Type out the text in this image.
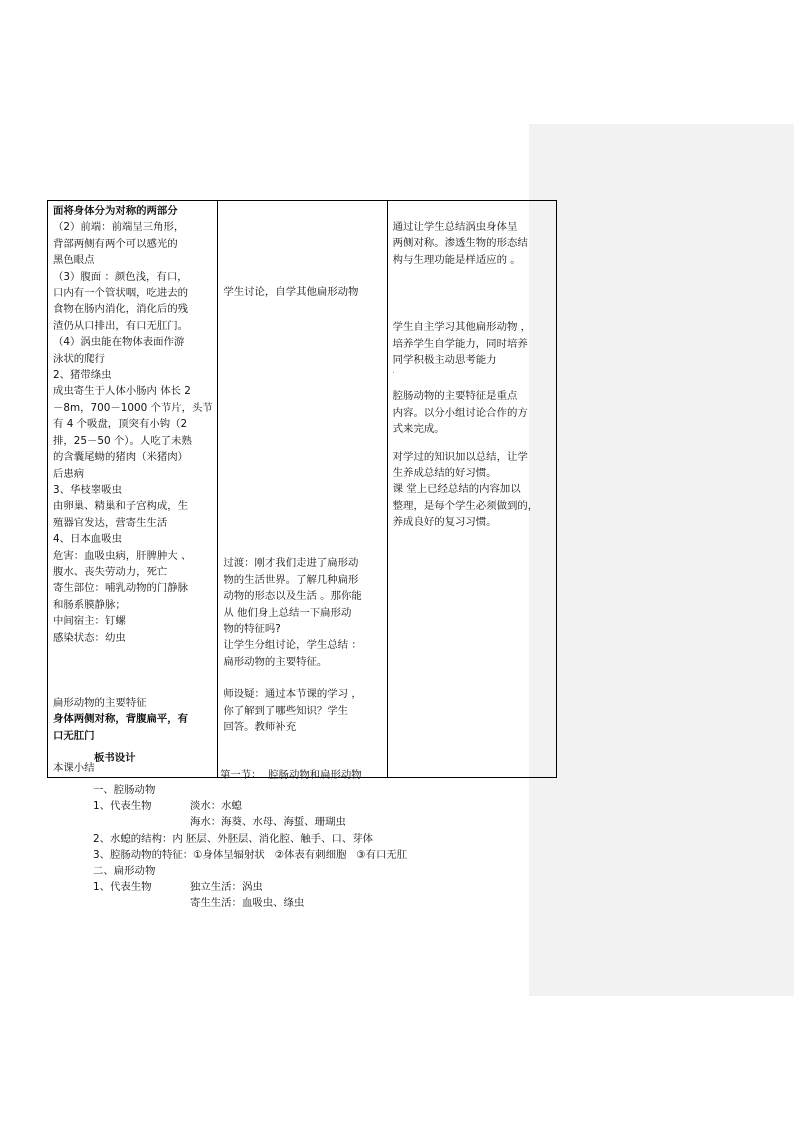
面将身体分为对称的两部分
（2）前端：前端呈三角形，
背部两侧有两个可以感光的
黑色眼点
（3）腹面 ：颜色浅，有口，
口内有一个管状咽，吃进去的
食物在肠内消化，消化后的残
渣仍从口排出，有口无肛门。
（4）涡虫能在物体表面作游
泳状的爬行
2、猪带绦虫
成虫寄生于人体小肠内 体长 2
－8m，700－1000 个节片，头节
有 4 个吸盘，顶突有小钩（2
排，25－50 个）。人吃了未熟
的含囊尾蚴的猪肉（米猪肉）
后患病
3、华枝睾吸虫
由卵巢、精巢和子宫构成，生
殖器官发达，营寄生生活
4、日本血吸虫
危害：血吸虫病，肝脾肿大 、
腹水、丧失劳动力，死亡
寄生部位：哺乳动物的门静脉
和肠系膜静脉；
中间宿主：钉螺
感染状态：幼虫
扁形动物的主要特征
身体两侧对称，背腹扁平，有
口无肛门
本课小结

学生讨论，自学其他扁形动物
过渡：刚才我们走进了扁形动
物的生活世界。了解几种扁形
动物的形态以及生活 。那你能
从 他们身上总结一下扁形动
物的特征吗?
让学生分组讨论，学生总结 ：
扁形动物的主要特征。
师设疑：通过本节课的学习 ，
你了解到了哪些知识？学生
回答。教师补充

通过让学生总结涡虫身体呈
两侧对称。渗透生物的形态结
构与生理功能是样适应的 。
学生自主学习其他扁形动物 ，
培养学生自学能力，同时培养
同学积极主动思考能力
.
腔肠动物的主要特征是重点
内容。以分小组讨论合作的方
式来完成。
对学过的知识加以总结，让学
生养成总结的好习惯。
课 堂上已经总结的内容加以
整理，是每个学生必须做到的，
养成良好的复习习惯。
板书设计
第一节：  腔肠动物和扁形动物
一、腔肠动物
1、代表生物	淡水：水螅
海水：海葵、水母、海蜇、珊瑚虫
2、水螅的结构：内 胚层、外胚层、消化腔、触手、口、芽体
3、腔肠动物的特征：①身体呈辐射状   ②体表有刺细胞   ③有口无肛
二、扁形动物
1、代表生物	独立生活：涡虫
寄生生活：血吸虫、绦虫
